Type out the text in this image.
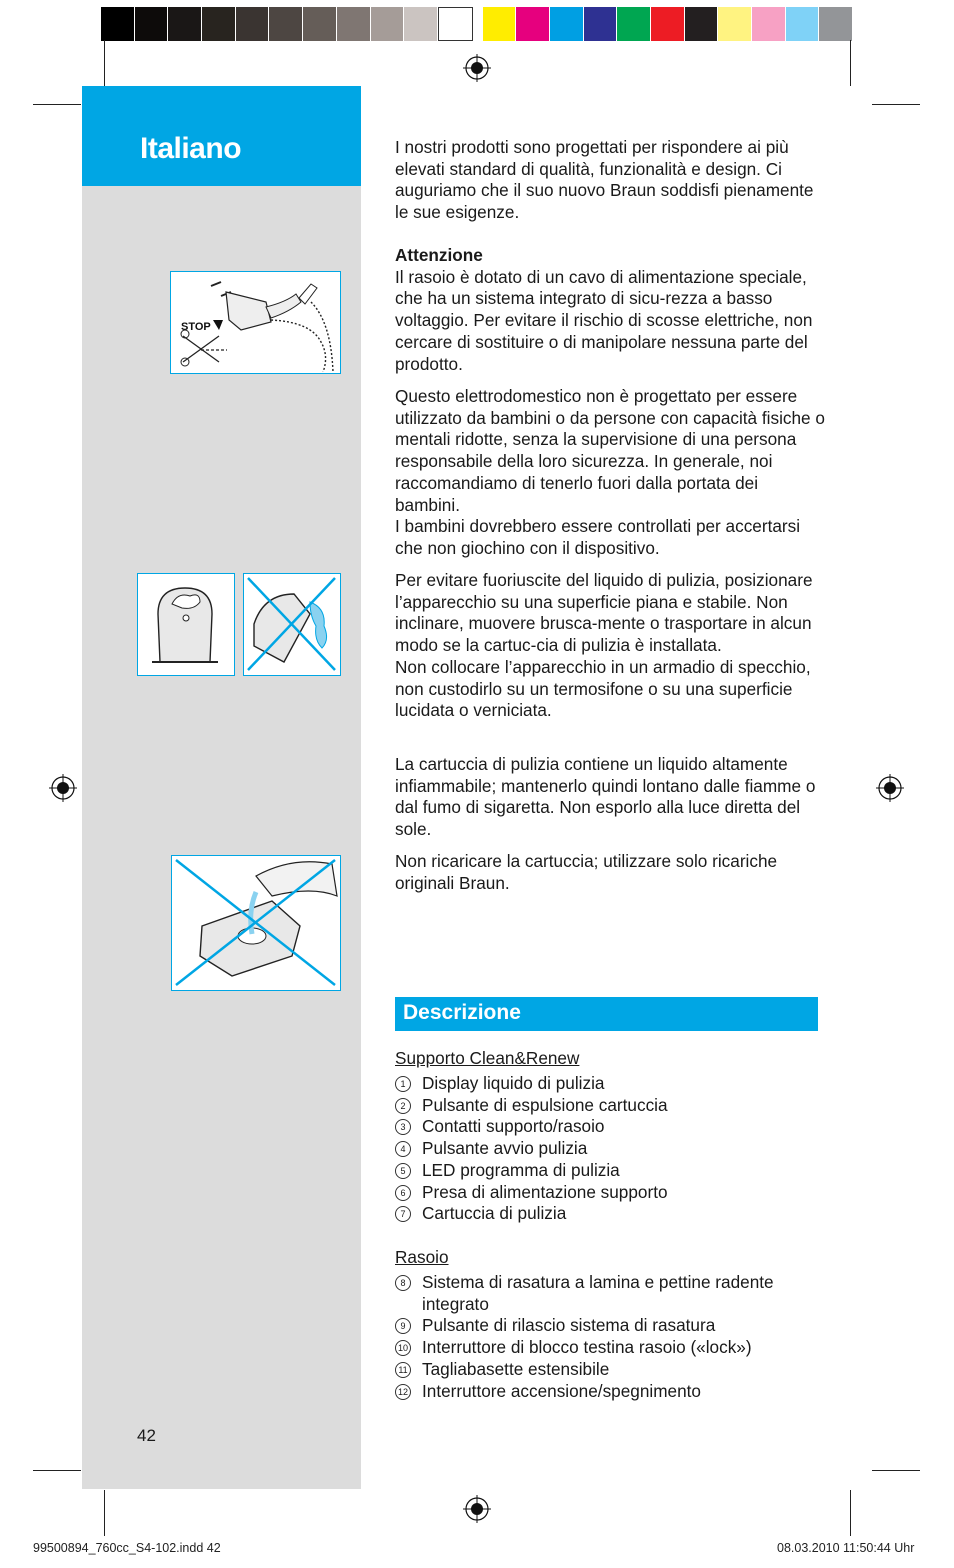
Italiano
STOP

I nostri prodotti sono progettati per rispondere ai più elevati standard di qualità, funzionalità e design. Ci auguriamo che il suo nuovo Braun soddisfi pienamente le sue esigenze.

Attenzione

Il rasoio è dotato di un cavo di alimentazione speciale, che ha un sistema integrato di sicu-rezza a basso voltaggio. Per evitare il rischio di scosse elettriche, non cercare di sostituire o di manipolare nessuna parte del prodotto.

Questo elettrodomestico non è progettato per essere utilizzato da bambini o da persone con capacità fisiche o mentali ridotte, senza la supervisione di una persona responsabile della loro sicurezza. In generale, noi raccomandiamo di tenerlo fuori dalla portata dei bambini.

I bambini dovrebbero essere controllati per accertarsi che non giochino con il dispositivo.

Per evitare fuoriuscite del liquido di pulizia, posizionare l’apparecchio su una superficie piana e stabile. Non inclinare, muovere brusca-mente o trasportare in alcun modo se la cartuc-cia di pulizia è installata.

Non collocare l’apparecchio in un armadio di specchio, non custodirlo su un termosifone o su una superficie lucidata o verniciata.

La cartuccia di pulizia contiene un liquido altamente infiammabile; mantenerlo quindi lontano dalle fiamme o dal fumo di sigaretta. Non esporlo alla luce diretta del sole.

Non ricaricare la cartuccia; utilizzare solo ricariche originali Braun.

Descrizione
Supporto Clean&Renew
1 Display liquido di pulizia
2 Pulsante di espulsione cartuccia
3 Contatti supporto/rasoio
4 Pulsante avvio pulizia
5 LED programma di pulizia
6 Presa di alimentazione supporto
7 Cartuccia di pulizia
Rasoio
8 Sistema di rasatura a lamina e pettine radente integrato
9 Pulsante di rilascio sistema di rasatura
10 Interruttore di blocco testina rasoio («lock»)
11 Tagliabasette estensibile
12 Interruttore accensione/spegnimento
42
99500894_760cc_S4-102.indd 42	08.03.2010 11:50:44 Uhr
